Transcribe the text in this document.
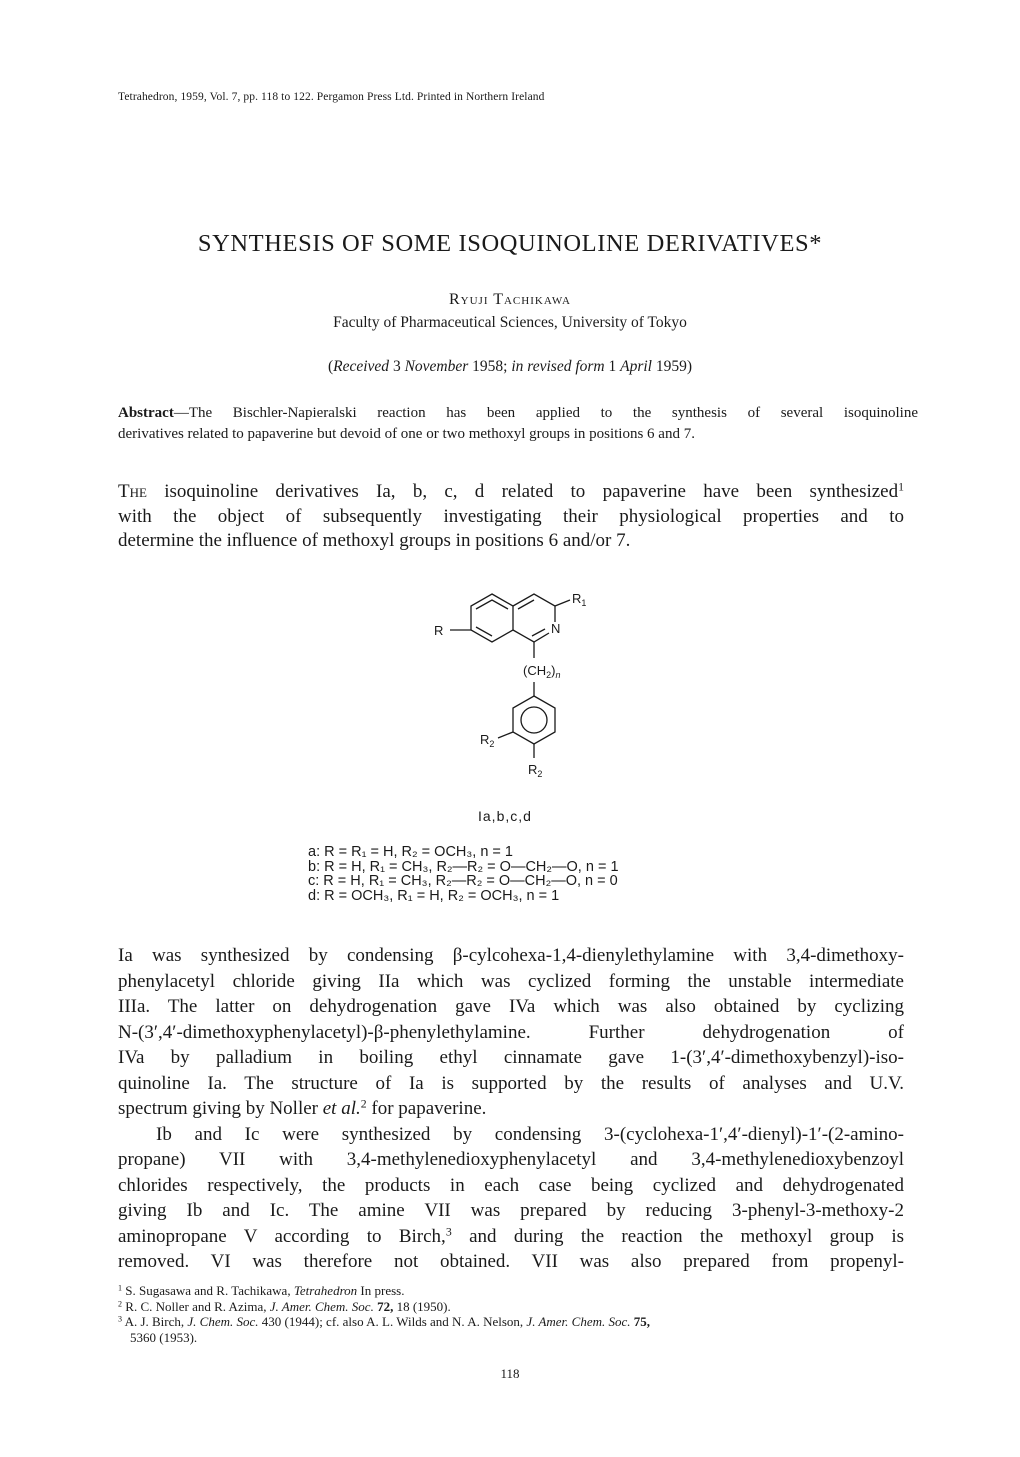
Tetrahedron, 1959, Vol. 7, pp. 118 to 122. Pergamon Press Ltd. Printed in Northern Ireland
SYNTHESIS OF SOME ISOQUINOLINE DERIVATIVES*
Ryuji Tachikawa
Faculty of Pharmaceutical Sciences, University of Tokyo
(Received 3 November 1958; in revised form 1 April 1959)
Abstract—The Bischler-Napieralski reaction has been applied to the synthesis of several isoquinoline
derivatives related to papaverine but devoid of one or two methoxyl groups in positions 6 and 7.
The isoquinoline derivatives Ia, b, c, d related to papaverine have been synthesized$^1$
with the object of subsequently investigating their physiological properties and to
determine the influence of methoxyl groups in positions 6 and/or 7.
R
$R_1$
N
$(CH_2)_n$
$R_2$
$R_2$
Ia,b,c,d
a: R = R₁ = H, R₂ = OCH₃, n = 1
b: R = H, R₁ = CH₃, R₂—R₂ = O—CH₂—O, n = 1
c: R = H, R₁ = CH₃, R₂—R₂ = O—CH₂—O, n = 0
d: R = OCH₃, R₁ = H, R₂ = OCH₃, n = 1
Ia was synthesized by condensing β-cylcohexa-1,4-dienylethylamine with 3,4-dimethoxy-
phenylacetyl chloride giving IIa which was cyclized forming the unstable intermediate
IIIa. The latter on dehydrogenation gave IVa which was also obtained by cyclizing
N-(3′,4′-dimethoxyphenylacetyl)-β-phenylethylamine. Further dehydrogenation of
IVa by palladium in boiling ethyl cinnamate gave 1-(3′,4′-dimethoxybenzyl)-iso-
quinoline Ia. The structure of Ia is supported by the results of analyses and U.V.
spectrum giving by Noller et al.$^2$ for papaverine.
Ib and Ic were synthesized by condensing 3-(cyclohexa-1′,4′-dienyl)-1′-(2-amino-
propane) VII with 3,4-methylenedioxyphenylacetyl and 3,4-methylenedioxybenzoyl
chlorides respectively, the products in each case being cyclized and dehydrogenated
giving Ib and Ic. The amine VII was prepared by reducing 3-phenyl-3-methoxy-2
aminopropane V according to Birch,$^3$ and during the reaction the methoxyl group is
removed. VI was therefore not obtained. VII was also prepared from propenyl-
$^1$ S. Sugasawa and R. Tachikawa, Tetrahedron In press.
$^2$ R. C. Noller and R. Azima, J. Amer. Chem. Soc. 72, 18 (1950).
$^3$ A. J. Birch, J. Chem. Soc. 430 (1944); cf. also A. L. Wilds and N. A. Nelson, J. Amer. Chem. Soc. 75,
5360 (1953).
118
